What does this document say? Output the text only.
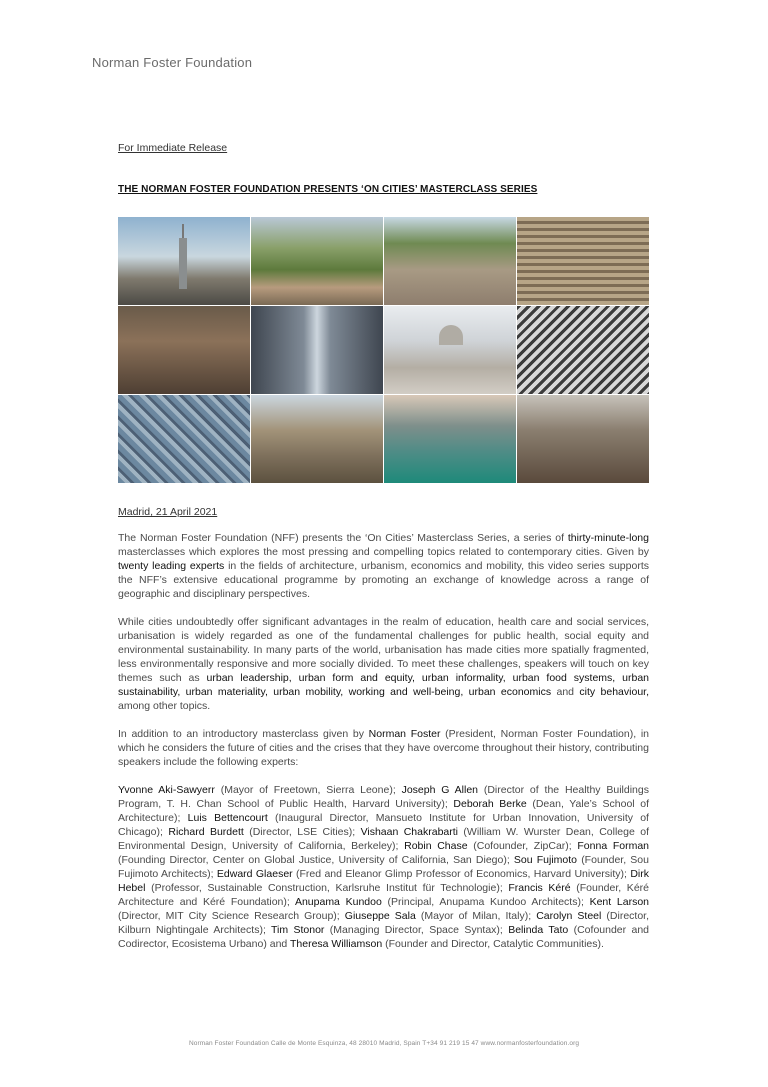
Norman Foster Foundation
For Immediate Release
THE NORMAN FOSTER FOUNDATION PRESENTS ‘ON CITIES’ MASTERCLASS SERIES
Madrid, 21 April 2021

The Norman Foster Foundation (NFF) presents the ‘On Cities’ Masterclass Series, a series of thirty-minute-long masterclasses which explores the most pressing and compelling topics related to contemporary cities. Given by twenty leading experts in the fields of architecture, urbanism, economics and mobility, this video series supports the NFF’s extensive educational programme by promoting an exchange of knowledge across a range of geographic and disciplinary perspectives.

While cities undoubtedly offer significant advantages in the realm of education, health care and social services, urbanisation is widely regarded as one of the fundamental challenges for public health, social equity and environmental sustainability. In many parts of the world, urbanisation has made cities more spatially fragmented, less environmentally responsive and more socially divided. To meet these challenges, speakers will touch on key themes such as urban leadership, urban form and equity, urban informality, urban food systems, urban sustainability, urban materiality, urban mobility, working and well-being, urban economics and city behaviour, among other topics.

In addition to an introductory masterclass given by Norman Foster (President, Norman Foster Foundation), in which he considers the future of cities and the crises that they have overcome throughout their history, contributing speakers include the following experts:

Yvonne Aki-Sawyerr (Mayor of Freetown, Sierra Leone); Joseph G Allen (Director of the Healthy Buildings Program, T. H. Chan School of Public Health, Harvard University); Deborah Berke (Dean, Yale’s School of Architecture); Luis Bettencourt (Inaugural Director, Mansueto Institute for Urban Innovation, University of Chicago); Richard Burdett (Director, LSE Cities); Vishaan Chakrabarti (William W. Wurster Dean, College of Environmental Design, University of California, Berkeley); Robin Chase (Cofounder, ZipCar); Fonna Forman (Founding Director, Center on Global Justice, University of California, San Diego); Sou Fujimoto (Founder, Sou Fujimoto Architects); Edward Glaeser (Fred and Eleanor Glimp Professor of Economics, Harvard University); Dirk Hebel (Professor, Sustainable Construction, Karlsruhe Institut für Technologie); Francis Kéré (Founder, Kéré Architecture and Kéré Foundation); Anupama Kundoo (Principal, Anupama Kundoo Architects); Kent Larson (Director, MIT City Science Research Group); Giuseppe Sala (Mayor of Milan, Italy); Carolyn Steel (Director, Kilburn Nightingale Architects); Tim Stonor (Managing Director, Space Syntax); Belinda Tato (Cofounder and Codirector, Ecosistema Urbano) and Theresa Williamson (Founder and Director, Catalytic Communities).

Norman Foster Foundation Calle de Monte Esquinza, 48 28010 Madrid, Spain T+34 91 219 15 47 www.normanfosterfoundation.org
